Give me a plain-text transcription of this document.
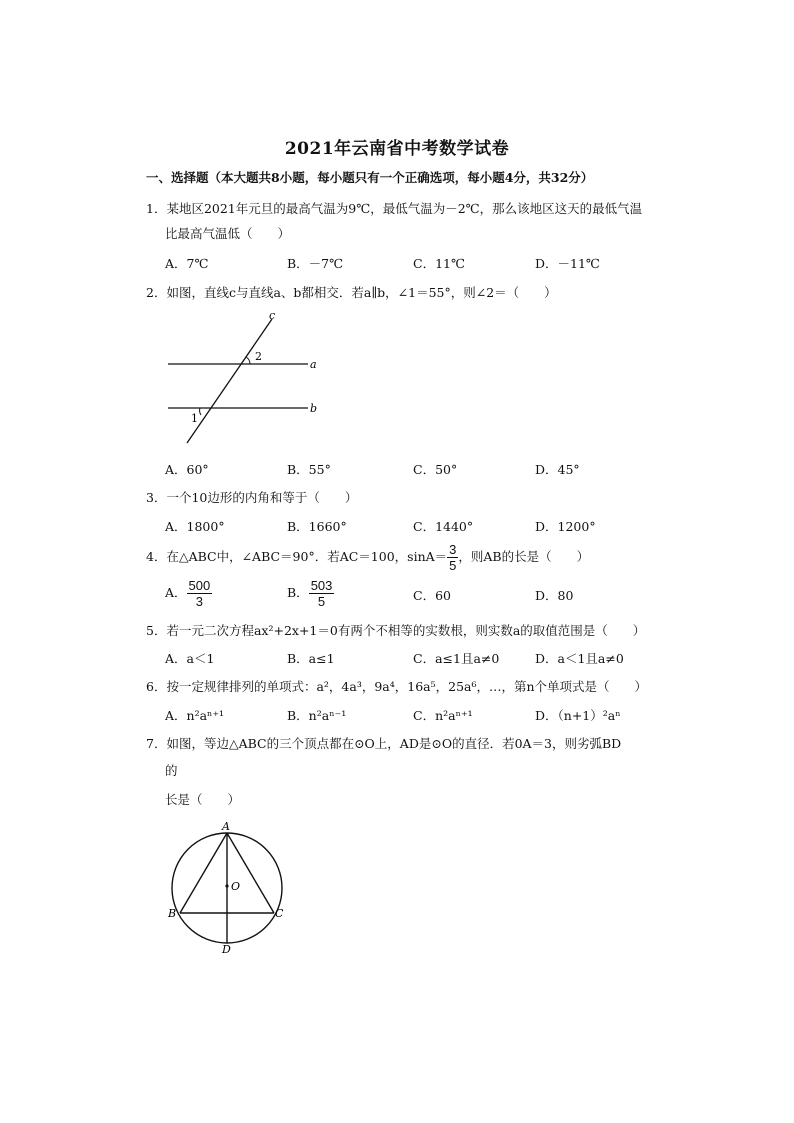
2021年云南省中考数学试卷
一、选择题（本大题共8小题，每小题只有一个正确选项，每小题4分，共32分）
1．某地区2021年元旦的最高气温为9℃，最低气温为－2℃，那么该地区这天的最低气温
比最高气温低（　　）
A．7℃	B．－7℃	C．11℃	D．－11℃
2．如图，直线c与直线a、b都相交．若a∥b，∠1＝55°，则∠2＝（　　）
c
a
b
2
1
A．60°	B．55°	C．50°	D．45°
3．一个10边形的内角和等于（　　）
A．1800°	B．1660°	C．1440°	D．1200°
4．在△ABC中，∠ABC＝90°．若AC＝100，$\sin A= \frac{3}{5}$ ，则AB的长是（　　）
A． $\frac{500}{3}$	B． $\frac{503}{5}$	C．60	D．80
5．若一元二次方程ax²+2x+1＝0有两个不相等的实数根，则实数a的取值范围是（　　）
A．a＜1	B．a≤1	C．a≤1且a≠0	D．a＜1且a≠0
6．按一定规律排列的单项式：a²，4a³，9a⁴，16a⁵，25a⁶，…，第n个单项式是（　　）
A．n²aⁿ⁺¹	B．n²aⁿ⁻¹	C．n²aⁿ⁺¹	D．（n+1）²aⁿ
7．如图，等边△ABC的三个顶点都在⊙O上，AD是⊙O的直径．若0A＝3，则劣弧BD
的
长是（　　）
A
B	C
D
O
